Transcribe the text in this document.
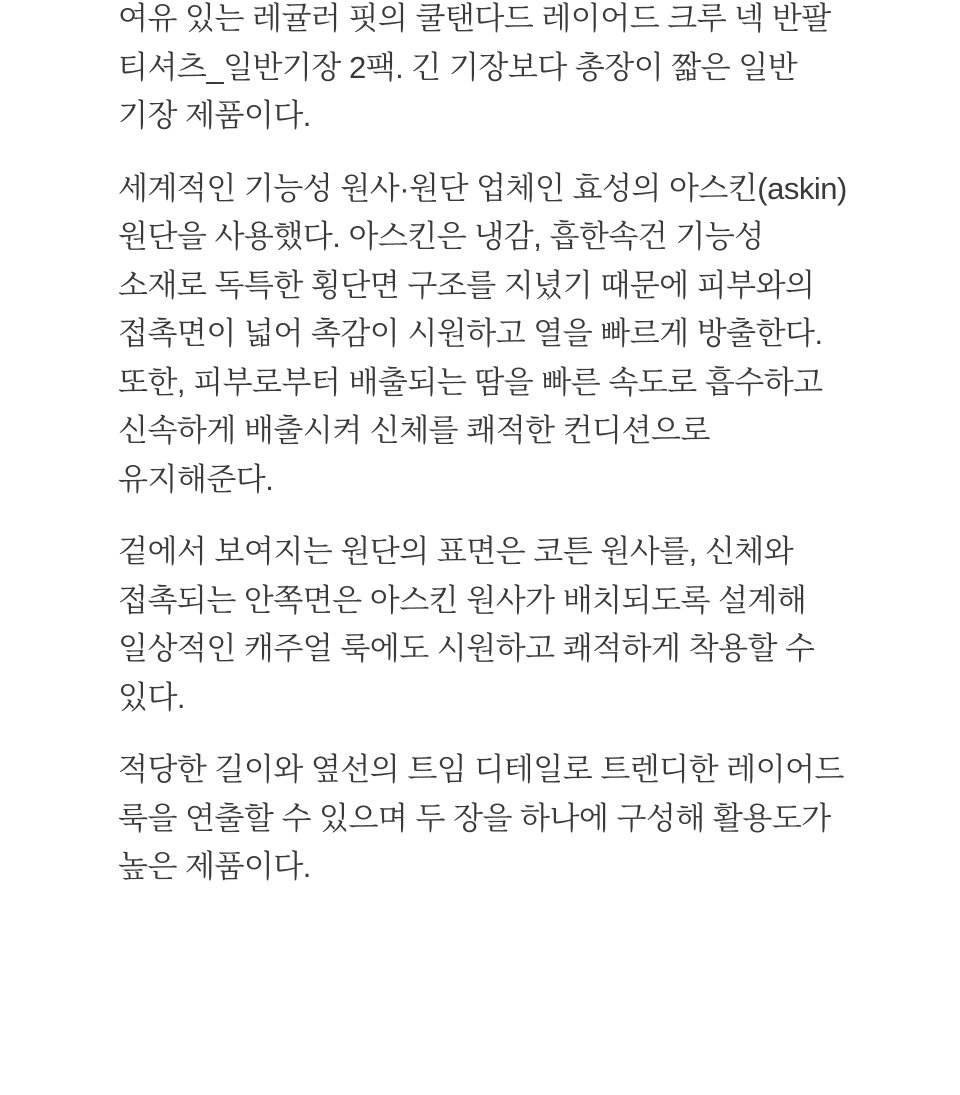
여유 있는 레귤러 핏의 쿨탠다드 레이어드 크루 넥 반팔
티셔츠_일반기장 2팩. 긴 기장보다 총장이 짧은 일반
기장 제품이다.

세계적인 기능성 원사·원단 업체인 효성의 아스킨(askin)
원단을 사용했다. 아스킨은 냉감, 흡한속건 기능성
소재로 독특한 횡단면 구조를 지녔기 때문에 피부와의
접촉면이 넓어 촉감이 시원하고 열을 빠르게 방출한다.
또한, 피부로부터 배출되는 땀을 빠른 속도로 흡수하고
신속하게 배출시켜 신체를 쾌적한 컨디션으로
유지해준다.

겉에서 보여지는 원단의 표면은 코튼 원사를, 신체와
접촉되는 안쪽면은 아스킨 원사가 배치되도록 설계해
일상적인 캐주얼 룩에도 시원하고 쾌적하게 착용할 수
있다.

적당한 길이와 옆선의 트임 디테일로 트렌디한 레이어드
룩을 연출할 수 있으며 두 장을 하나에 구성해 활용도가
높은 제품이다.
